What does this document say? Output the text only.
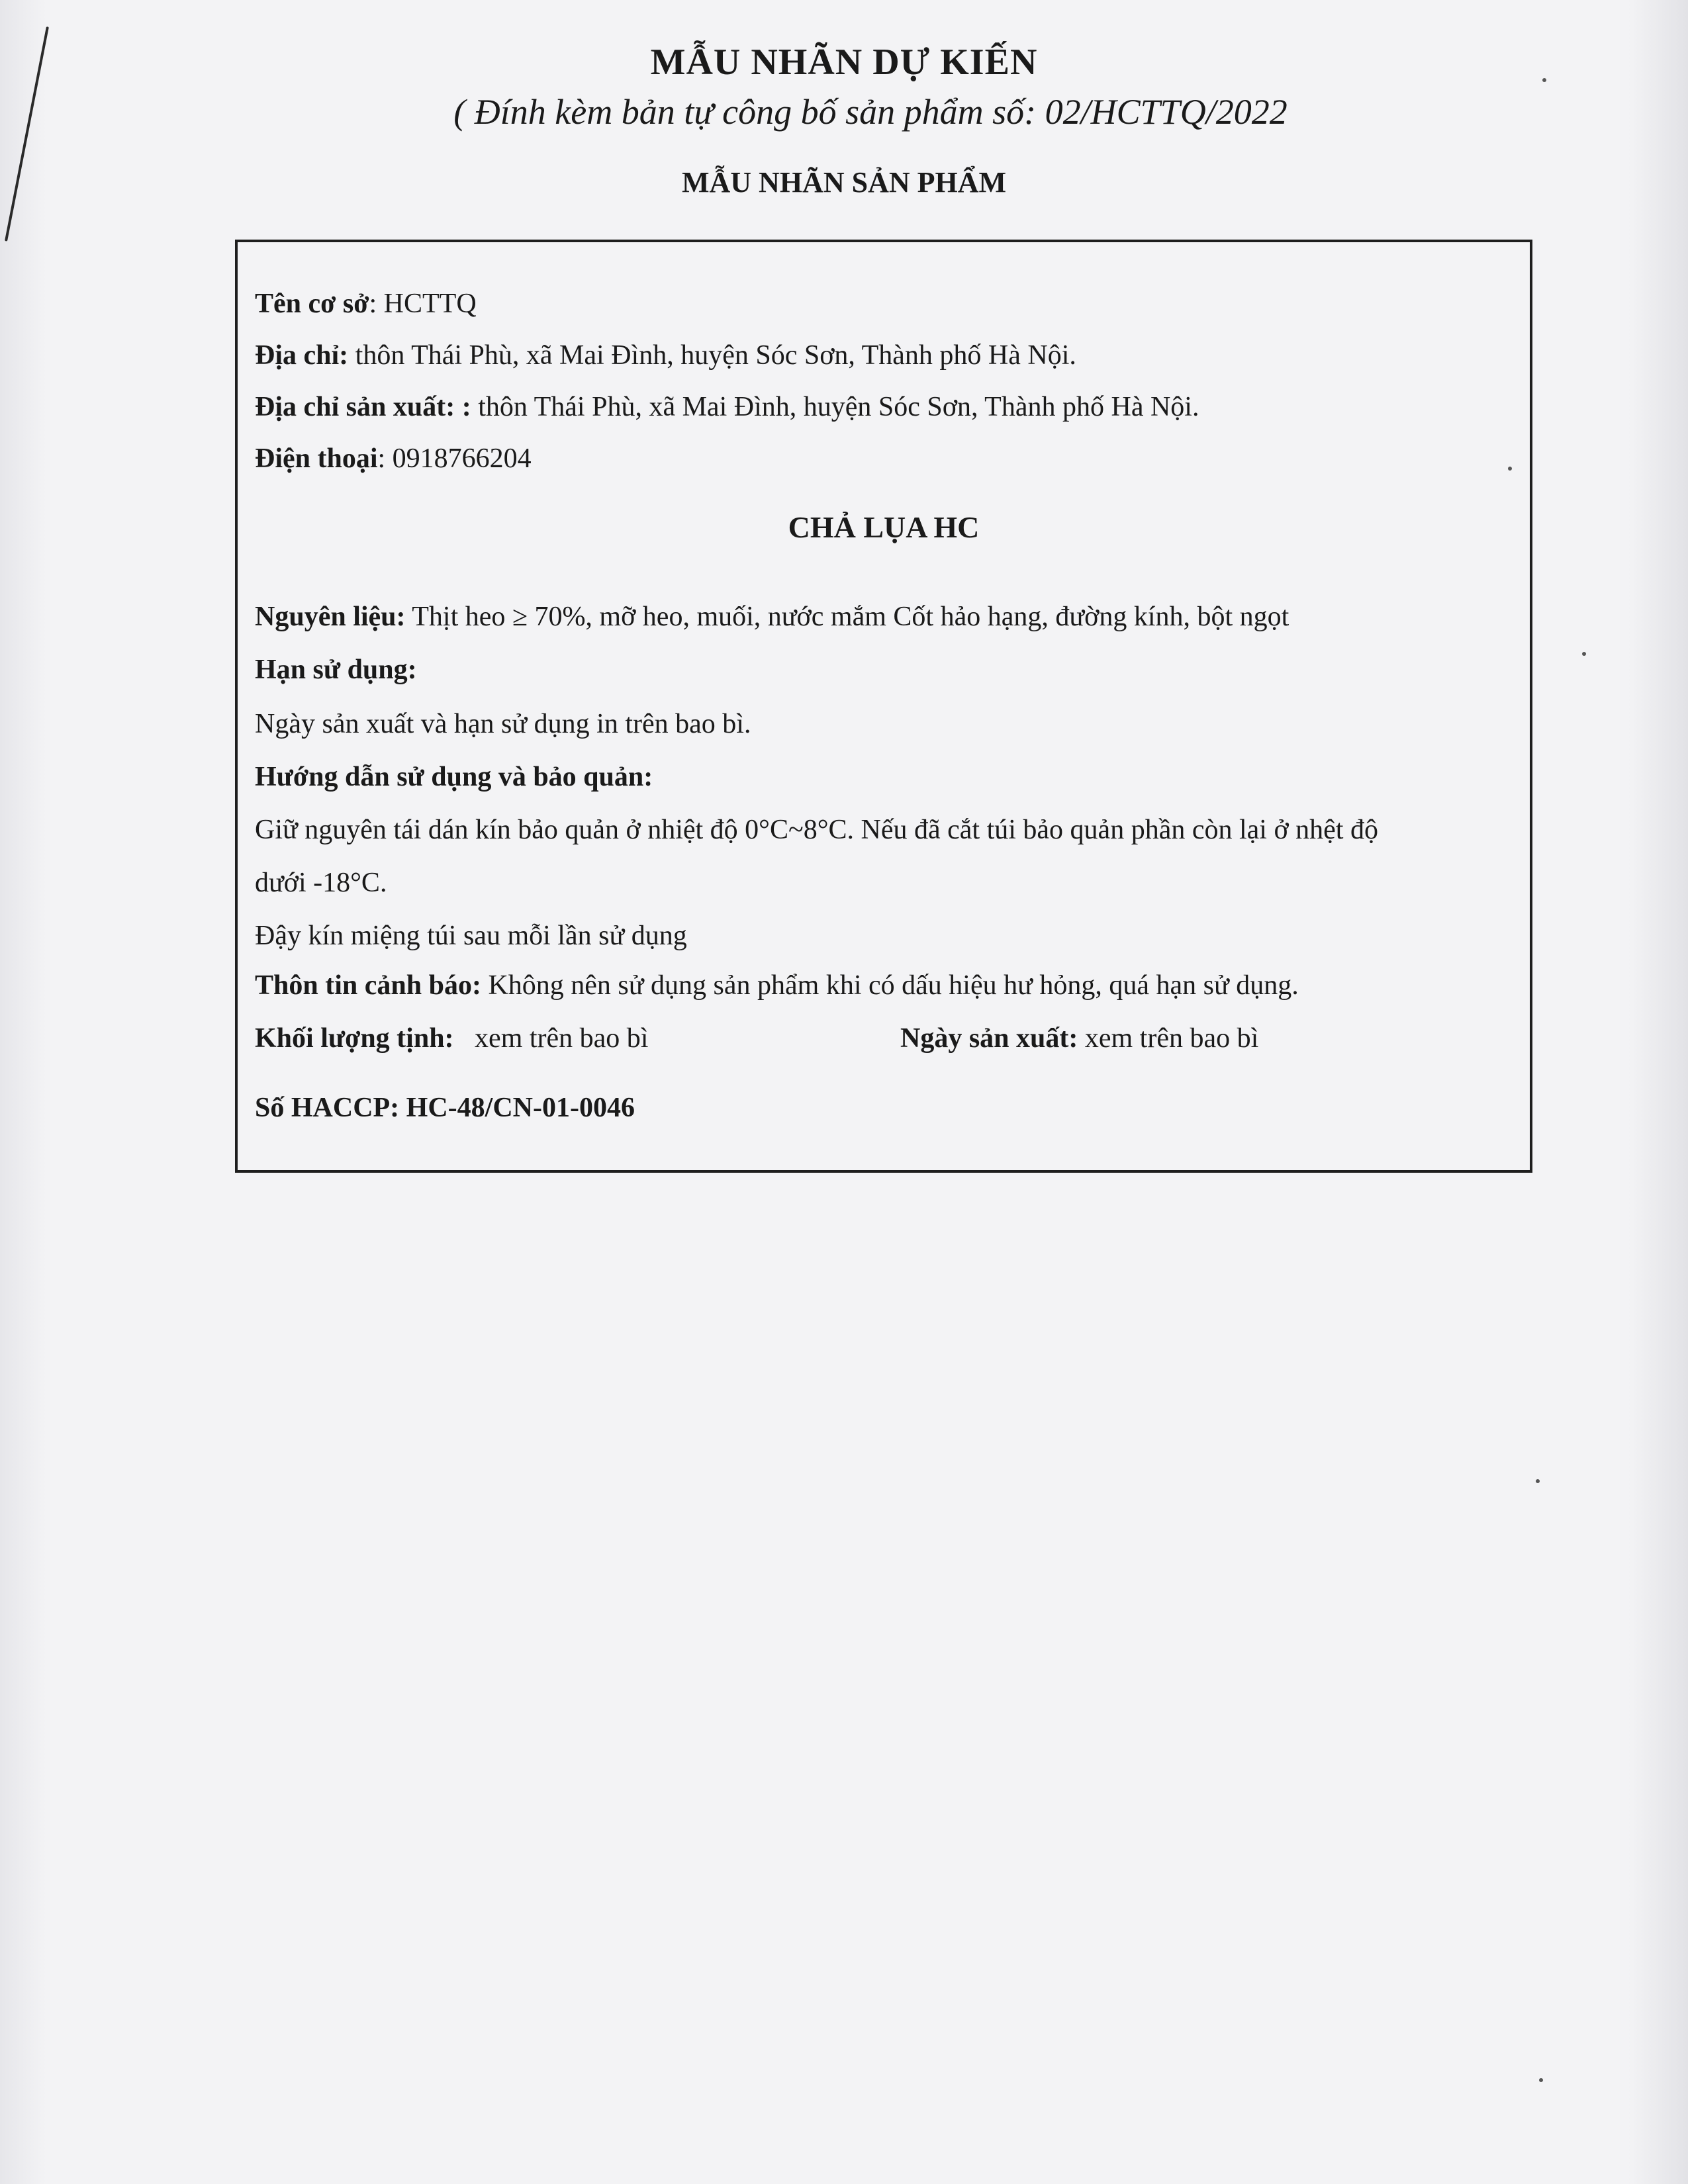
MẪU NHÃN DỰ KIẾN
( Đính kèm bản tự công bố sản phẩm số: 02/HCTTQ/2022
MẪU NHÃN SẢN PHẨM
Tên cơ sở: HCTTQ
Địa chỉ: thôn Thái Phù, xã Mai Đình, huyện Sóc Sơn, Thành phố Hà Nội.
Địa chỉ sản xuất: : thôn Thái Phù, xã Mai Đình, huyện Sóc Sơn, Thành phố Hà Nội.
Điện thoại: 0918766204
CHẢ LỤA HC
Nguyên liệu: Thịt heo ≥ 70%, mỡ heo, muối, nước mắm Cốt hảo hạng, đường kính, bột ngọt
Hạn sử dụng:
Ngày sản xuất và hạn sử dụng in trên bao bì.
Hướng dẫn sử dụng và bảo quản:
Giữ nguyên tái dán kín bảo quản ở nhiệt độ 0°C~8°C. Nếu đã cắt túi bảo quản phần còn lại ở nhệt độ
dưới -18°C.
Đậy kín miệng túi sau mỗi lần sử dụng
Thôn tin cảnh báo: Không nên sử dụng sản phẩm khi có dấu hiệu hư hỏng, quá hạn sử dụng.
Khối lượng tịnh:   xem trên bao bì	Ngày sản xuất: xem trên bao bì
Số HACCP: HC-48/CN-01-0046
